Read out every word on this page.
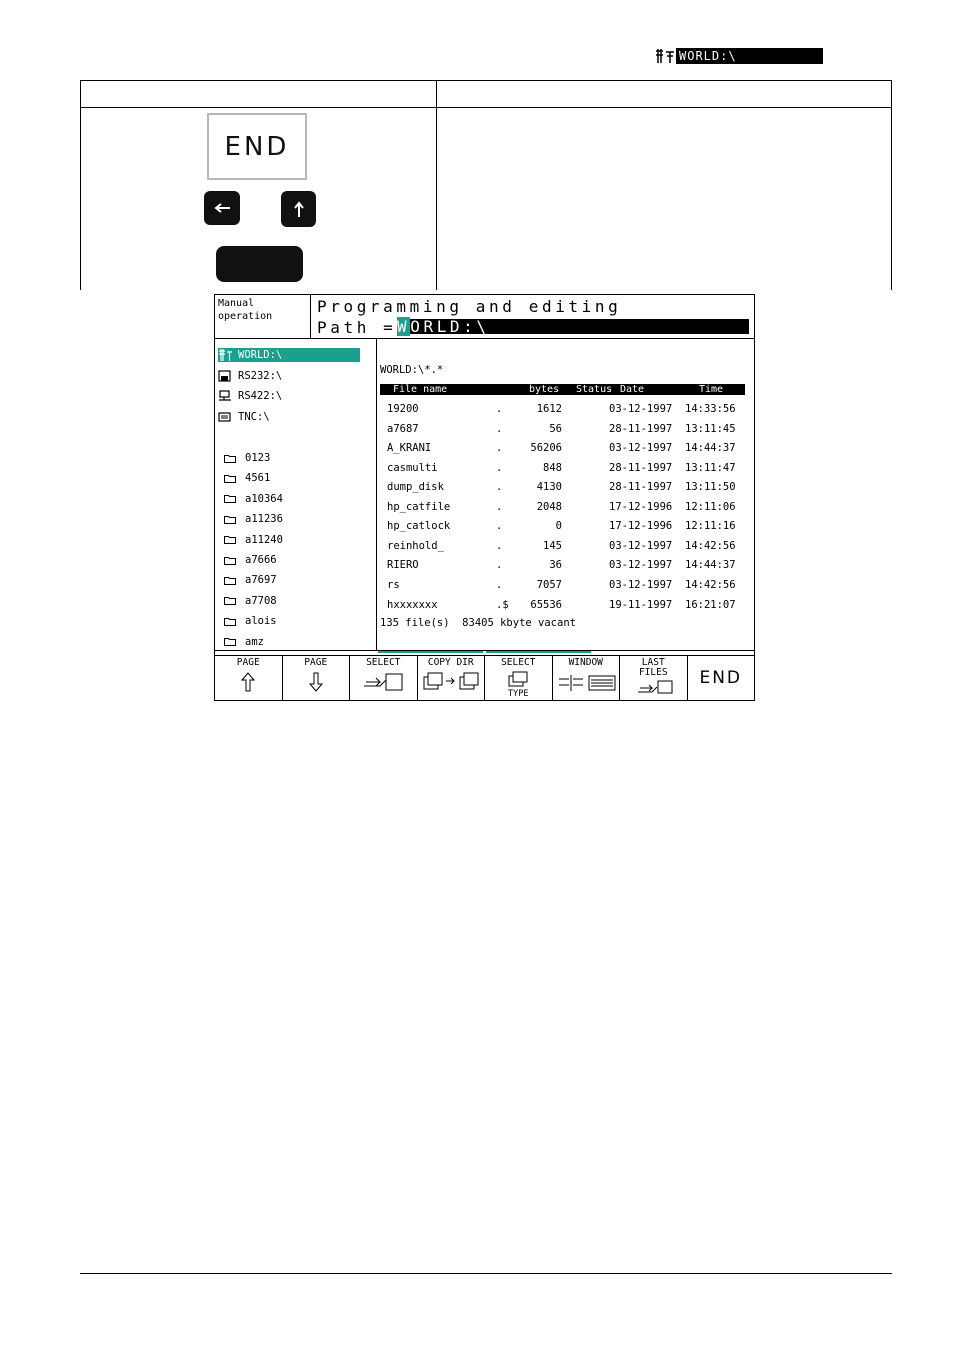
WORLD:\
END
Manual
operation
Programming and editing
Path = WORLD:\
WORLD:\
RS232:\
RS422:\
TNC:\
0123
4561
a10364
a11236
a11240
a7666
a7697
a7708
alois
amz
WORLD:\*.*
File name	bytes Status Date	Time
19200	.	1612	03-12-1997 14:33:56
a7687	.	56	28-11-1997 13:11:45
A_KRANI	.	56206	03-12-1997 14:44:37
casmulti	.	848	28-11-1997 13:11:47
dump_disk	.	4130	28-11-1997 13:11:50
hp_catfile	.	2048	17-12-1996 12:11:06
hp_catlock	.	0	17-12-1996 12:11:16
reinhold_	.	145	03-12-1997 14:42:56
RIERO	.	36	03-12-1997 14:44:37
rs	.	7057	03-12-1997 14:42:56
hxxxxxxx	.$ 65536	19-11-1997 16:21:07
135 file(s)  83405 kbyte vacant
PAGE	PAGE	SELECT	COPY DIR	SELECT
TYPE
WINDOW	LAST
FILES	END
